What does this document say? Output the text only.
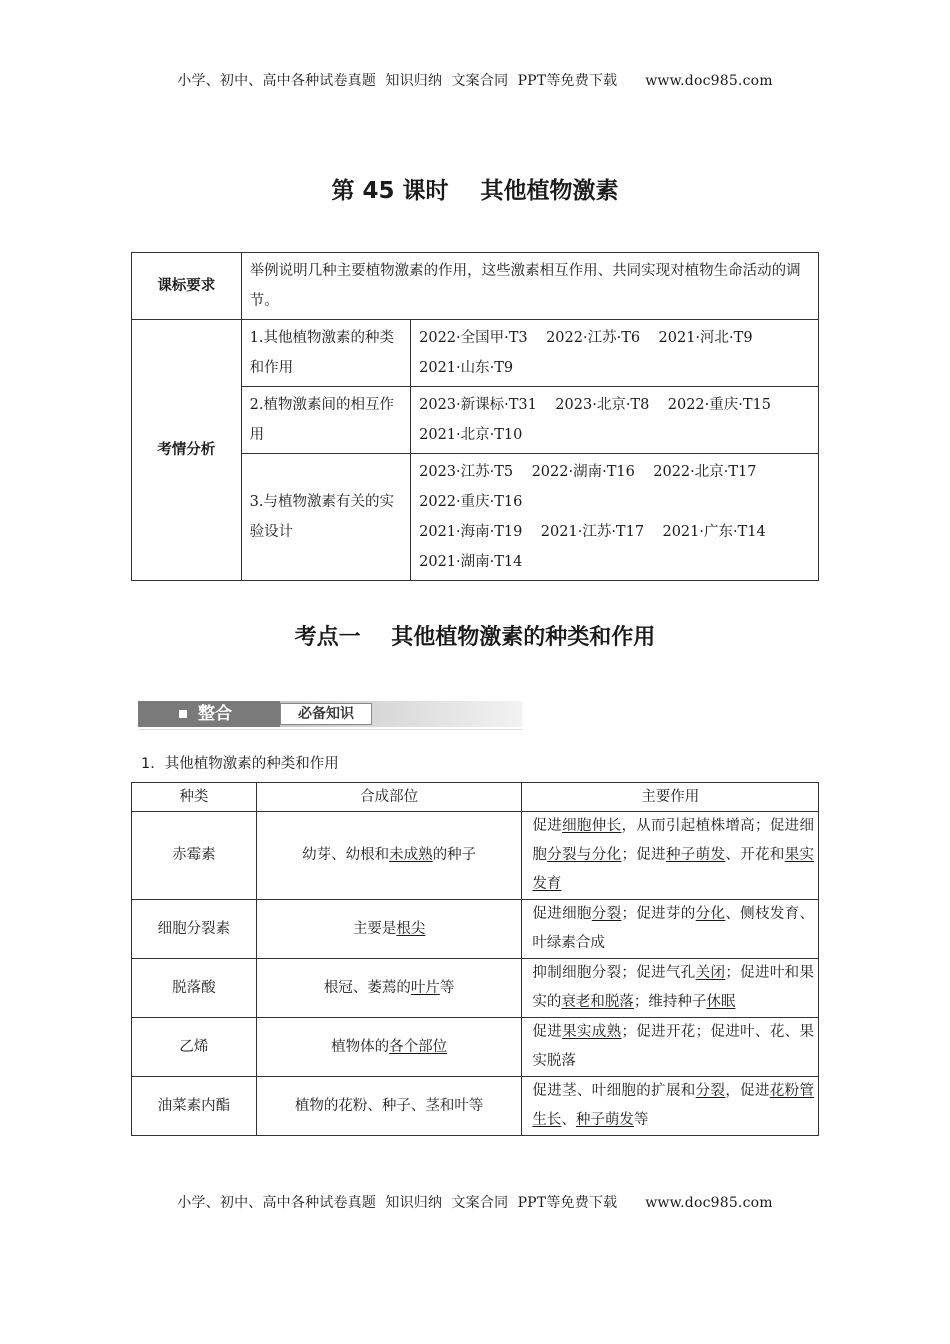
小学、初中、高中各种试卷真题  知识归纳  文案合同  PPT等免费下载      www.doc985.com
第 45 课时    其他植物激素
课标要求	举例说明几种主要植物激素的作用，这些激素相互作用、共同实现对植物生命活动的调节。	
考情分析	1.其他植物激素的种类和作用	2022·全国甲·T3    2022·江苏·T6    2021·河北·T9
2021·山东·T9

	2.植物激素间的相互作用	2023·新课标·T31    2023·北京·T8    2022·重庆·T15
2021·北京·T10

	3.与植物激素有关的实验设计	2023·江苏·T5    2022·湖南·T16    2022·北京·T17
2022·重庆·T16
2021·海南·T19    2021·江苏·T17    2021·广东·T14
2021·湖南·T14
考点一    其他植物激素的种类和作用
整合	必备知识
1．其他植物激素的种类和作用
种类	合成部位	主要作用
赤霉素	幼芽、幼根和未成熟的种子	促进细胞伸长，从而引起植株增高；促进细胞分裂与分化；促进种子萌发、开花和果实发育
细胞分裂素	主要是根尖	促进细胞分裂；促进芽的分化、侧枝发育、叶绿素合成
脱落酸	根冠、萎蔫的叶片等	抑制细胞分裂；促进气孔关闭；促进叶和果实的衰老和脱落；维持种子休眠
乙烯	植物体的各个部位	促进果实成熟；促进开花；促进叶、花、果实脱落
油菜素内酯	植物的花粉、种子、茎和叶等	促进茎、叶细胞的扩展和分裂，促进花粉管生长、种子萌发等
小学、初中、高中各种试卷真题  知识归纳  文案合同  PPT等免费下载      www.doc985.com
